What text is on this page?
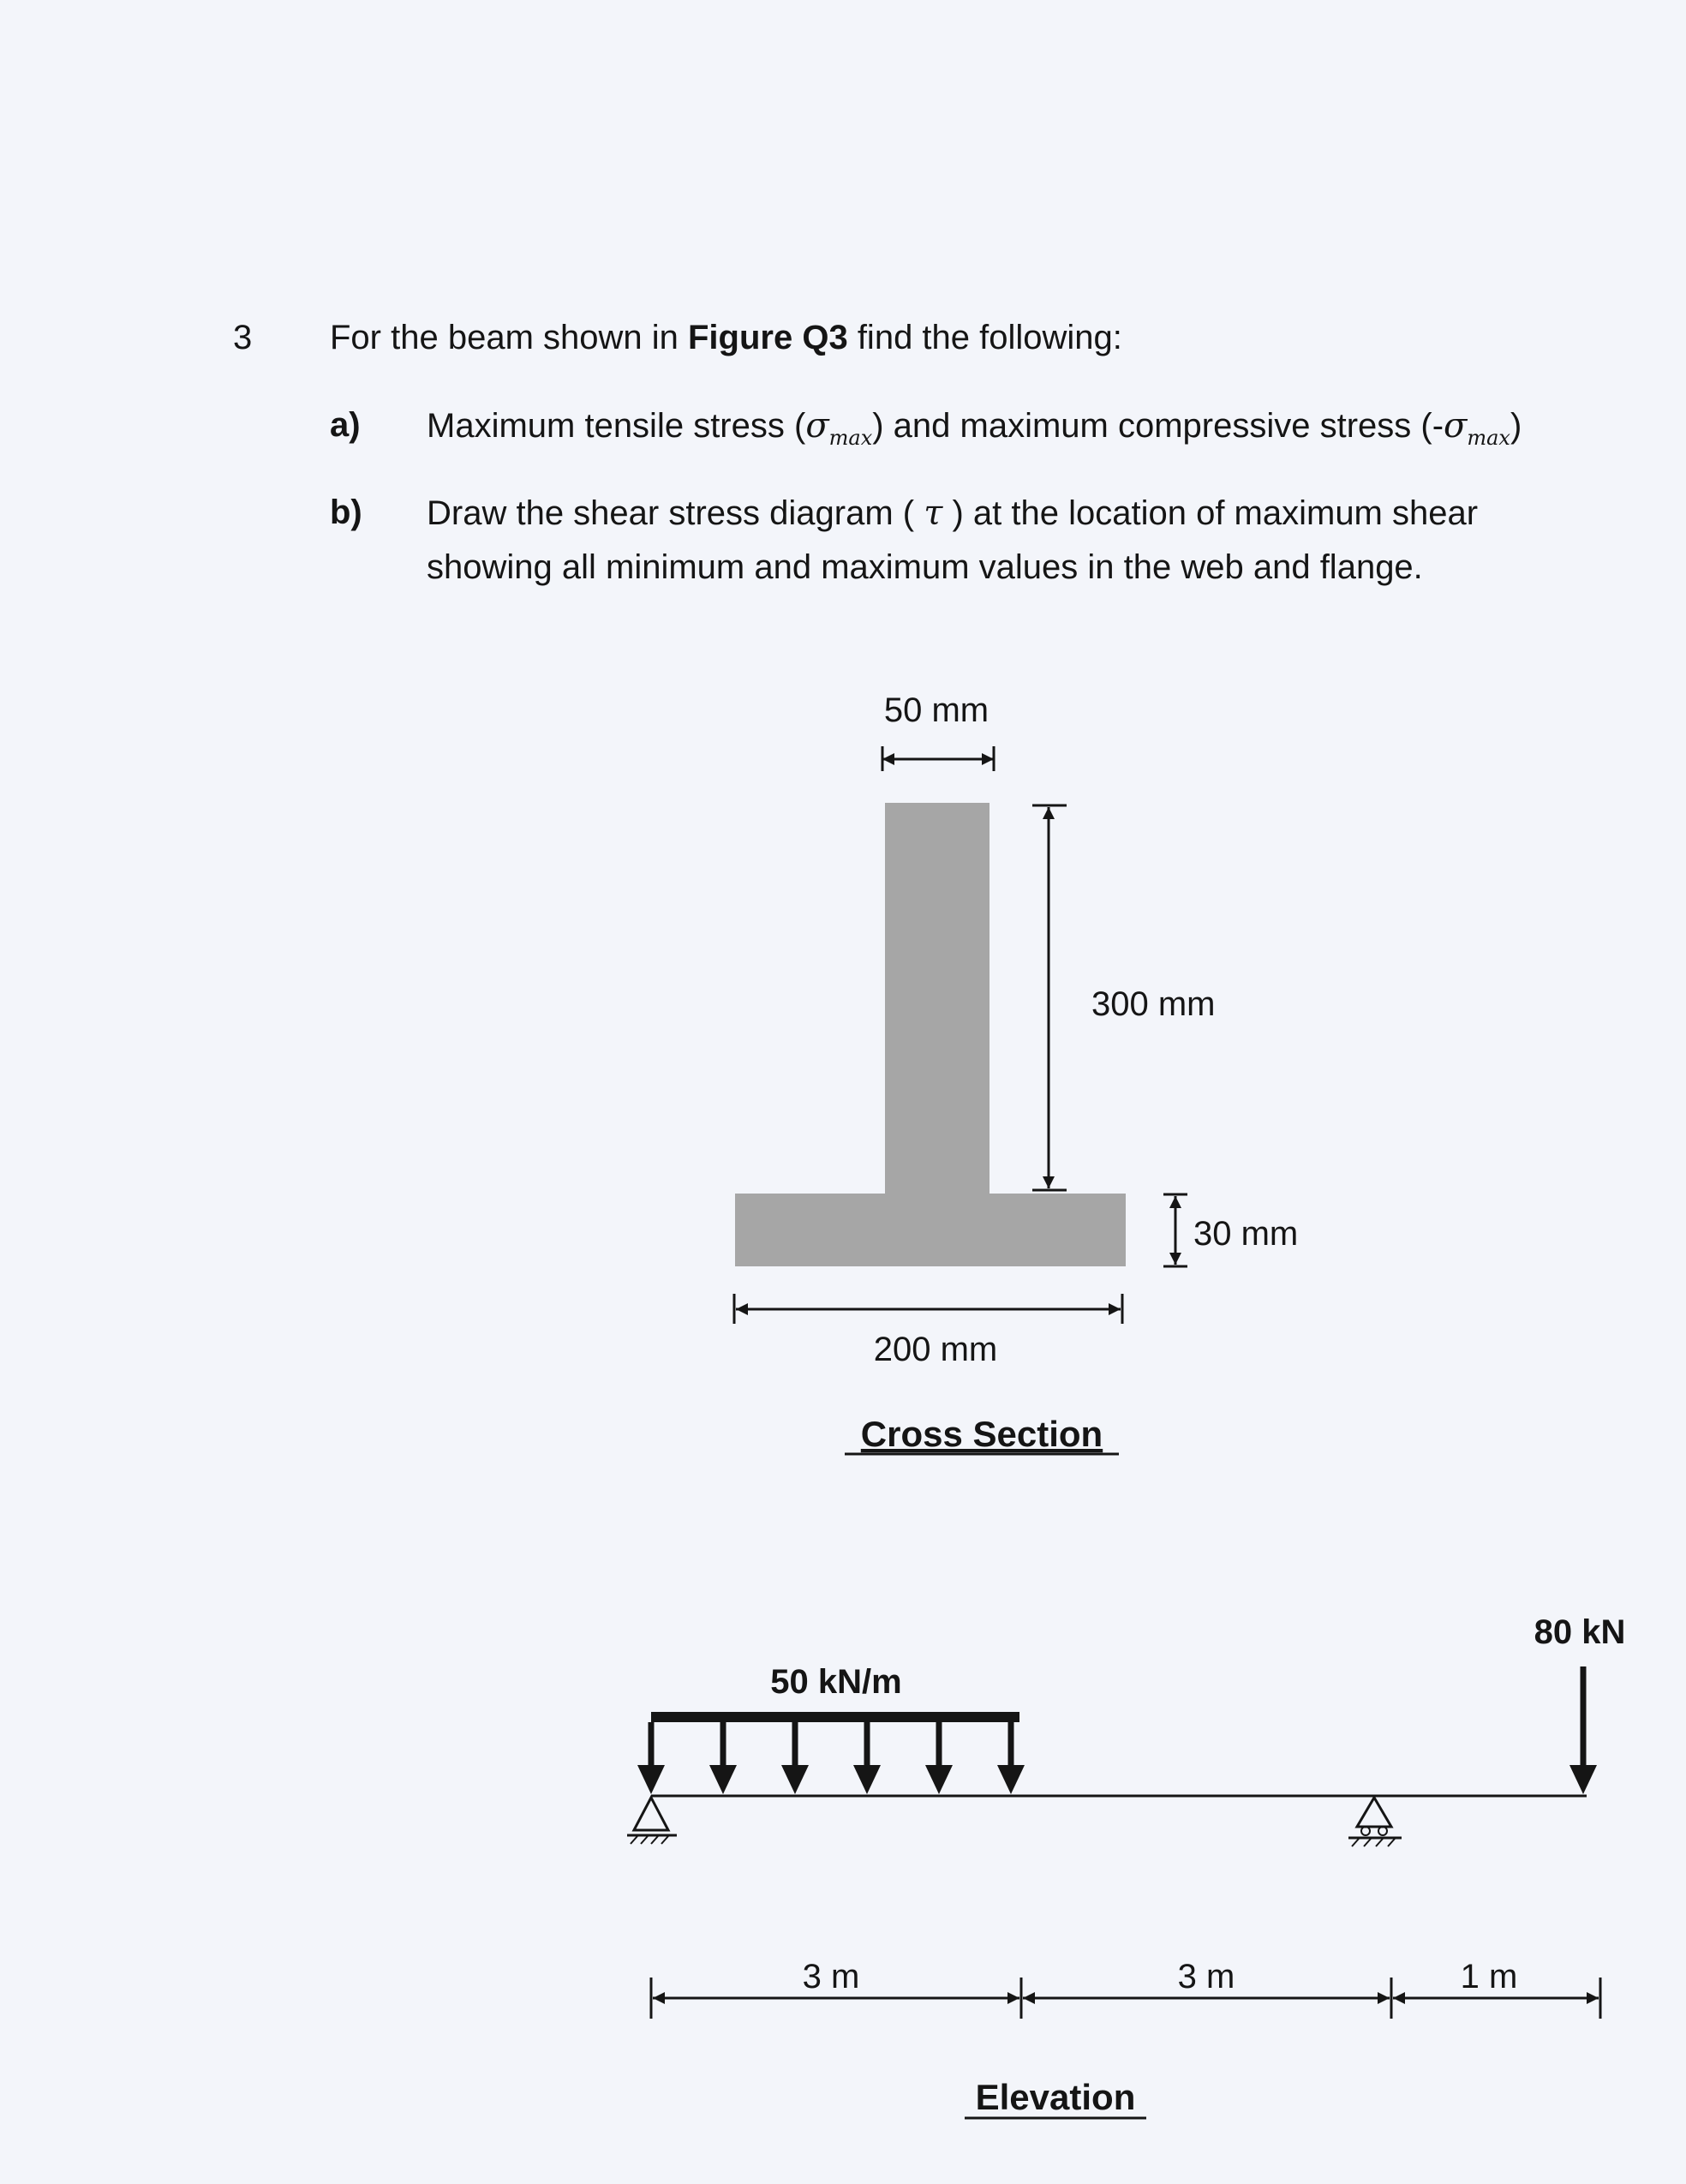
3 For the beam shown in Figure Q3 find the following:
a) Maximum tensile stress $(\sigma_{max})$ and maximum compressive stress $(-\sigma_{max})$
b) Draw the shear stress diagram ( τ ) at the location of maximum shear
showing all minimum and maximum values in the web and flange.
50 mm
300 mm
30 mm
200 mm
Cross Section
50 kN/m
80 kN
3 m	3 m	1 m
Elevation
